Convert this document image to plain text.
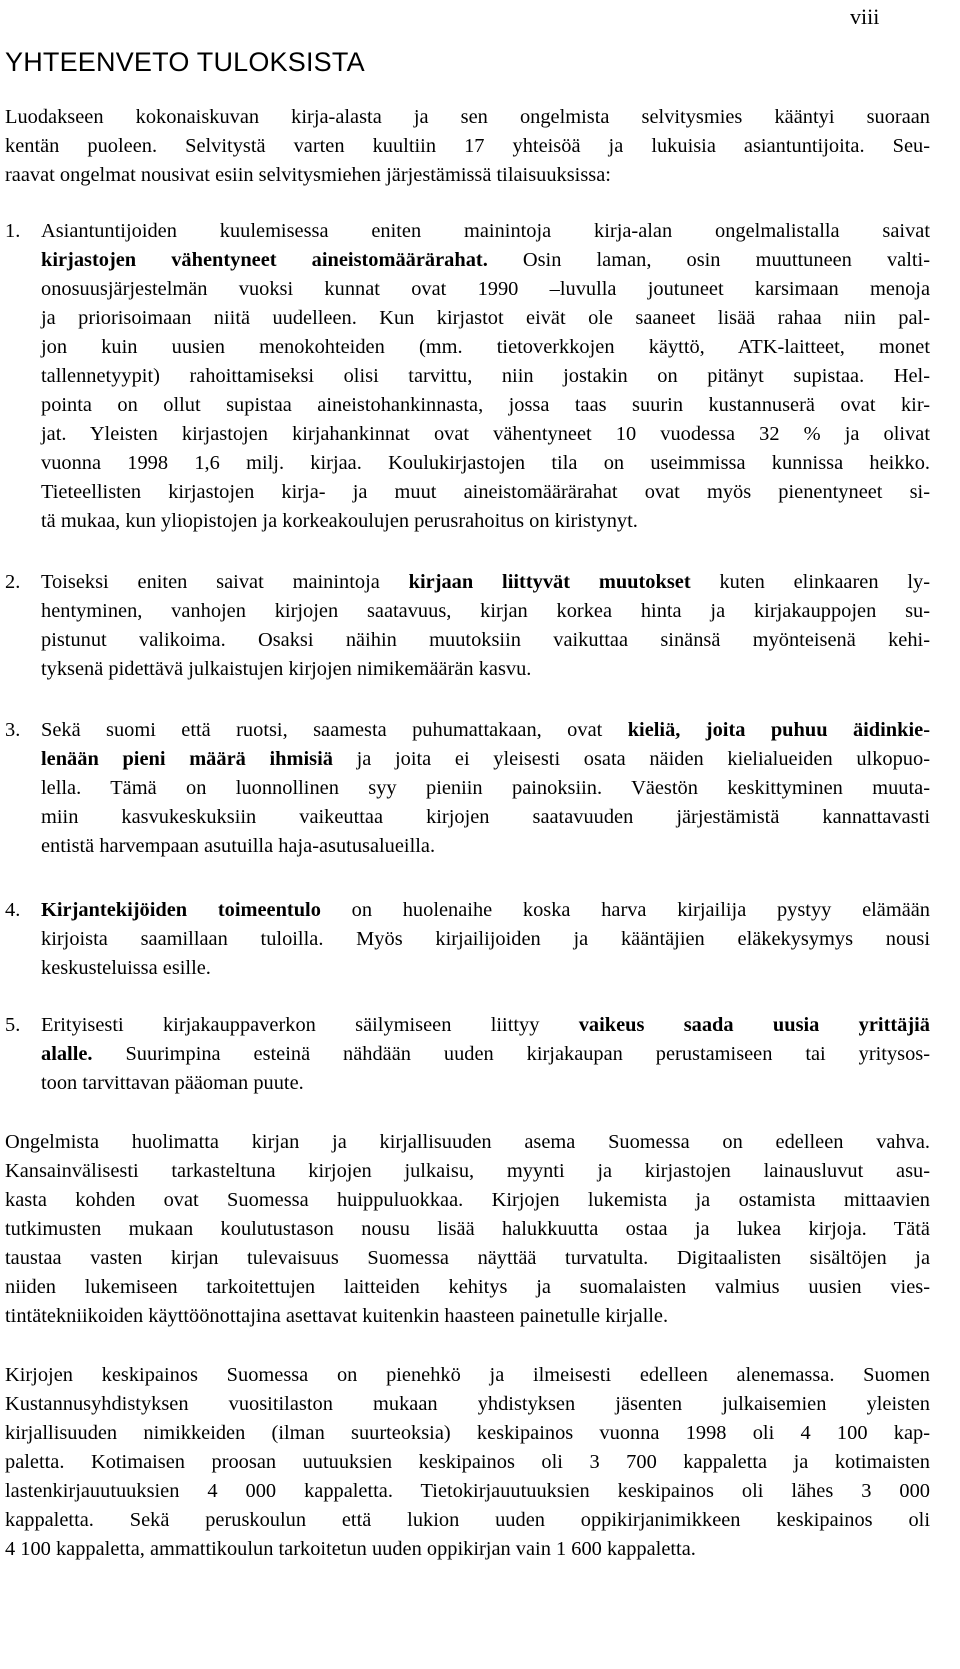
viii
YHTEENVETO TULOKSISTA
Luodakseen kokonaiskuvan kirja-alasta ja sen ongelmista selvitysmies kääntyi suoraan
kentän puoleen. Selvitystä varten kuultiin 17 yhteisöä ja lukuisia asiantuntijoita. Seu-
raavat ongelmat nousivat esiin selvitysmiehen järjestämissä tilaisuuksissa:
1. Asiantuntijoiden kuulemisessa eniten mainintoja kirja-alan ongelmalistalla saivat
kirjastojen vähentyneet aineistomäärärahat. Osin laman, osin muuttuneen valti-
onosuusjärjestelmän vuoksi kunnat ovat 1990 –luvulla joutuneet karsimaan menoja
ja priorisoimaan niitä uudelleen. Kun kirjastot eivät ole saaneet lisää rahaa niin pal-
jon kuin uusien menokohteiden (mm. tietoverkkojen käyttö, ATK-laitteet, monet
tallennetyypit) rahoittamiseksi olisi tarvittu, niin jostakin on pitänyt supistaa. Hel-
pointa on ollut supistaa aineistohankinnasta, jossa taas suurin kustannuserä ovat kir-
jat. Yleisten kirjastojen kirjahankinnat ovat vähentyneet 10 vuodessa 32 % ja olivat
vuonna 1998 1,6 milj. kirjaa. Koulukirjastojen tila on useimmissa kunnissa heikko.
Tieteellisten kirjastojen kirja- ja muut aineistomäärärahat ovat myös pienentyneet si-
tä mukaa, kun yliopistojen ja korkeakoulujen perusrahoitus on kiristynyt.
2. Toiseksi eniten saivat mainintoja kirjaan liittyvät muutokset kuten elinkaaren ly-
hentyminen, vanhojen kirjojen saatavuus, kirjan korkea hinta ja kirjakauppojen su-
pistunut valikoima. Osaksi näihin muutoksiin vaikuttaa sinänsä myönteisenä kehi-
tyksenä pidettävä julkaistujen kirjojen nimikemäärän kasvu.
3. Sekä suomi että ruotsi, saamesta puhumattakaan, ovat kieliä, joita puhuu äidinkie-
lenään pieni määrä ihmisiä ja joita ei yleisesti osata näiden kielialueiden ulkopuo-
lella. Tämä on luonnollinen syy pieniin painoksiin. Väestön keskittyminen muuta-
miin kasvukeskuksiin vaikeuttaa kirjojen saatavuuden järjestämistä kannattavasti
entistä harvempaan asutuilla haja-asutusalueilla.
4. Kirjantekijöiden toimeentulo on huolenaihe koska harva kirjailija pystyy elämään
kirjoista saamillaan tuloilla. Myös kirjailijoiden ja kääntäjien eläkekysymys nousi
keskusteluissa esille.
5. Erityisesti kirjakauppaverkon säilymiseen liittyy vaikeus saada uusia yrittäjiä
alalle. Suurimpina esteinä nähdään uuden kirjakaupan perustamiseen tai yritysos-
toon tarvittavan pääoman puute.
Ongelmista huolimatta kirjan ja kirjallisuuden asema Suomessa on edelleen vahva.
Kansainvälisesti tarkasteltuna kirjojen julkaisu, myynti ja kirjastojen lainausluvut asu-
kasta kohden ovat Suomessa huippuluokkaa. Kirjojen lukemista ja ostamista mittaavien
tutkimusten mukaan koulutustason nousu lisää halukkuutta ostaa ja lukea kirjoja. Tätä
taustaa vasten kirjan tulevaisuus Suomessa näyttää turvatulta. Digitaalisten sisältöjen ja
niiden lukemiseen tarkoitettujen laitteiden kehitys ja suomalaisten valmius uusien vies-
tintätekniikoiden käyttöönottajina asettavat kuitenkin haasteen painetulle kirjalle.
Kirjojen keskipainos Suomessa on pienehkö ja ilmeisesti edelleen alenemassa. Suomen
Kustannusyhdistyksen vuositilaston mukaan yhdistyksen jäsenten julkaisemien yleisten
kirjallisuuden nimikkeiden (ilman suurteoksia) keskipainos vuonna 1998 oli 4 100 kap-
paletta. Kotimaisen proosan uutuuksien keskipainos oli 3 700 kappaletta ja kotimaisten
lastenkirjauutuuksien 4 000 kappaletta. Tietokirjauutuuksien keskipainos oli lähes 3 000
kappaletta. Sekä peruskoulun että lukion uuden oppikirjanimikkeen keskipainos oli
4 100 kappaletta, ammattikoulun tarkoitetun uuden oppikirjan vain 1 600 kappaletta.
